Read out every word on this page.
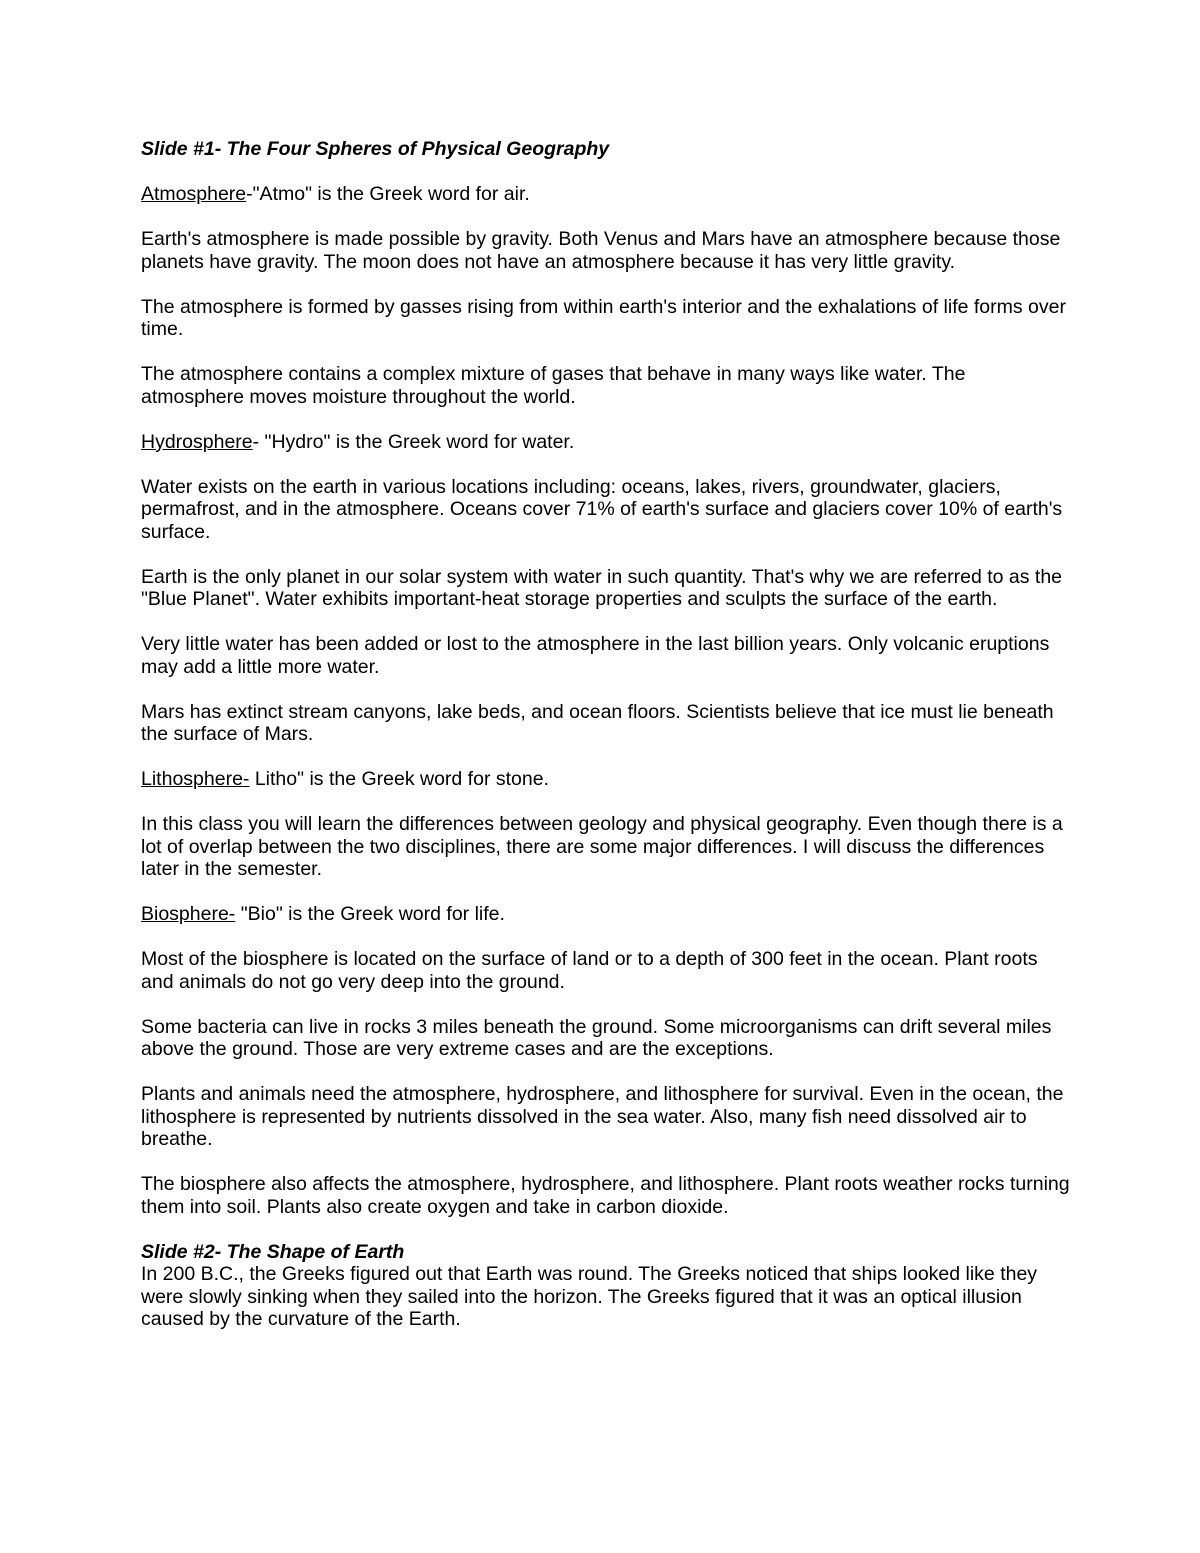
Slide #1- The Four Spheres of Physical Geography

Atmosphere-"Atmo" is the Greek word for air.

Earth's atmosphere is made possible by gravity. Both Venus and Mars have an atmosphere because those planets have gravity. The moon does not have an atmosphere because it has very little gravity.

The atmosphere is formed by gasses rising from within earth's interior and the exhalations of life forms over time.

The atmosphere contains a complex mixture of gases that behave in many ways like water. The atmosphere moves moisture throughout the world.

Hydrosphere- "Hydro" is the Greek word for water.

Water exists on the earth in various locations including: oceans, lakes, rivers, groundwater, glaciers, permafrost, and in the atmosphere. Oceans cover 71% of earth's surface and glaciers cover 10% of earth's surface.

Earth is the only planet in our solar system with water in such quantity. That's why we are referred to as the "Blue Planet". Water exhibits important-heat storage properties and sculpts the surface of the earth.

Very little water has been added or lost to the atmosphere in the last billion years. Only volcanic eruptions may add a little more water.

Mars has extinct stream canyons, lake beds, and ocean floors. Scientists believe that ice must lie beneath the surface of Mars.

Lithosphere- Litho" is the Greek word for stone.

In this class you will learn the differences between geology and physical geography. Even though there is a lot of overlap between the two disciplines, there are some major differences. I will discuss the differences later in the semester.

Biosphere- "Bio" is the Greek word for life.

Most of the biosphere is located on the surface of land or to a depth of 300 feet in the ocean. Plant roots and animals do not go very deep into the ground.

Some bacteria can live in rocks 3 miles beneath the ground. Some microorganisms can drift several miles above the ground. Those are very extreme cases and are the exceptions.

Plants and animals need the atmosphere, hydrosphere, and lithosphere for survival. Even in the ocean, the lithosphere is represented by nutrients dissolved in the sea water. Also, many fish need dissolved air to breathe.

The biosphere also affects the atmosphere, hydrosphere, and lithosphere. Plant roots weather rocks turning them into soil. Plants also create oxygen and take in carbon dioxide.

Slide #2- The Shape of Earth

In 200 B.C., the Greeks figured out that Earth was round. The Greeks noticed that ships looked like they were slowly sinking when they sailed into the horizon. The Greeks figured that it was an optical illusion caused by the curvature of the Earth.
